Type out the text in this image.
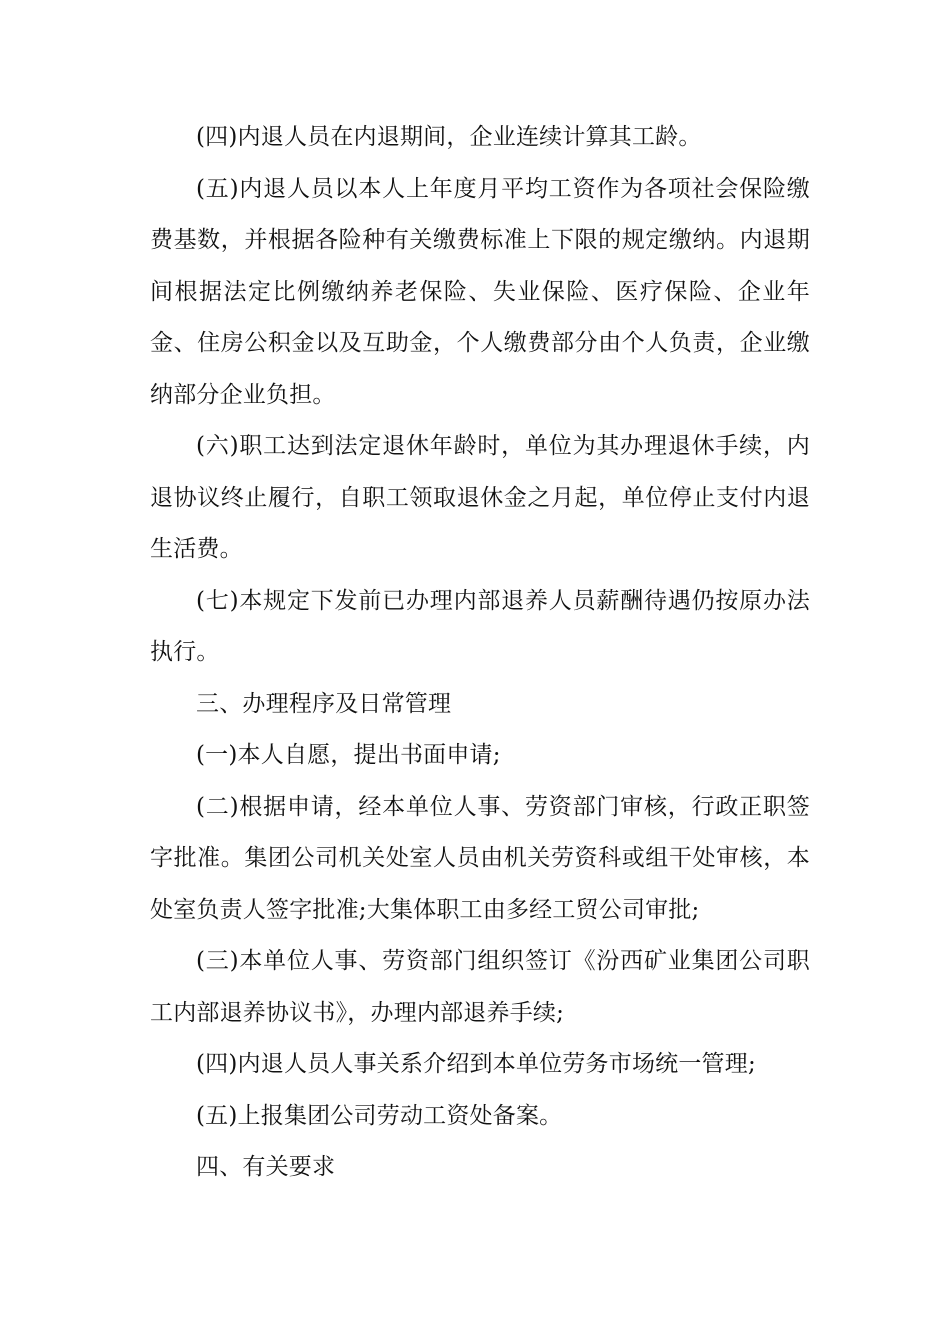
(四)内退人员在内退期间，企业连续计算其工龄。

(五)内退人员以本人上年度月平均工资作为各项社会保险缴费基数，并根据各险种有关缴费标准上下限的规定缴纳。内退期间根据法定比例缴纳养老保险、失业保险、医疗保险、企业年金、住房公积金以及互助金，个人缴费部分由个人负责，企业缴纳部分企业负担。

(六)职工达到法定退休年龄时，单位为其办理退休手续，内退协议终止履行，自职工领取退休金之月起，单位停止支付内退生活费。

(七)本规定下发前已办理内部退养人员薪酬待遇仍按原办法执行。

三、办理程序及日常管理

(一)本人自愿，提出书面申请;

(二)根据申请，经本单位人事、劳资部门审核，行政正职签字批准。集团公司机关处室人员由机关劳资科或组干处审核，本处室负责人签字批准;大集体职工由多经工贸公司审批;

(三)本单位人事、劳资部门组织签订《汾西矿业集团公司职工内部退养协议书》，办理内部退养手续;

(四)内退人员人事关系介绍到本单位劳务市场统一管理;

(五)上报集团公司劳动工资处备案。

四、有关要求
